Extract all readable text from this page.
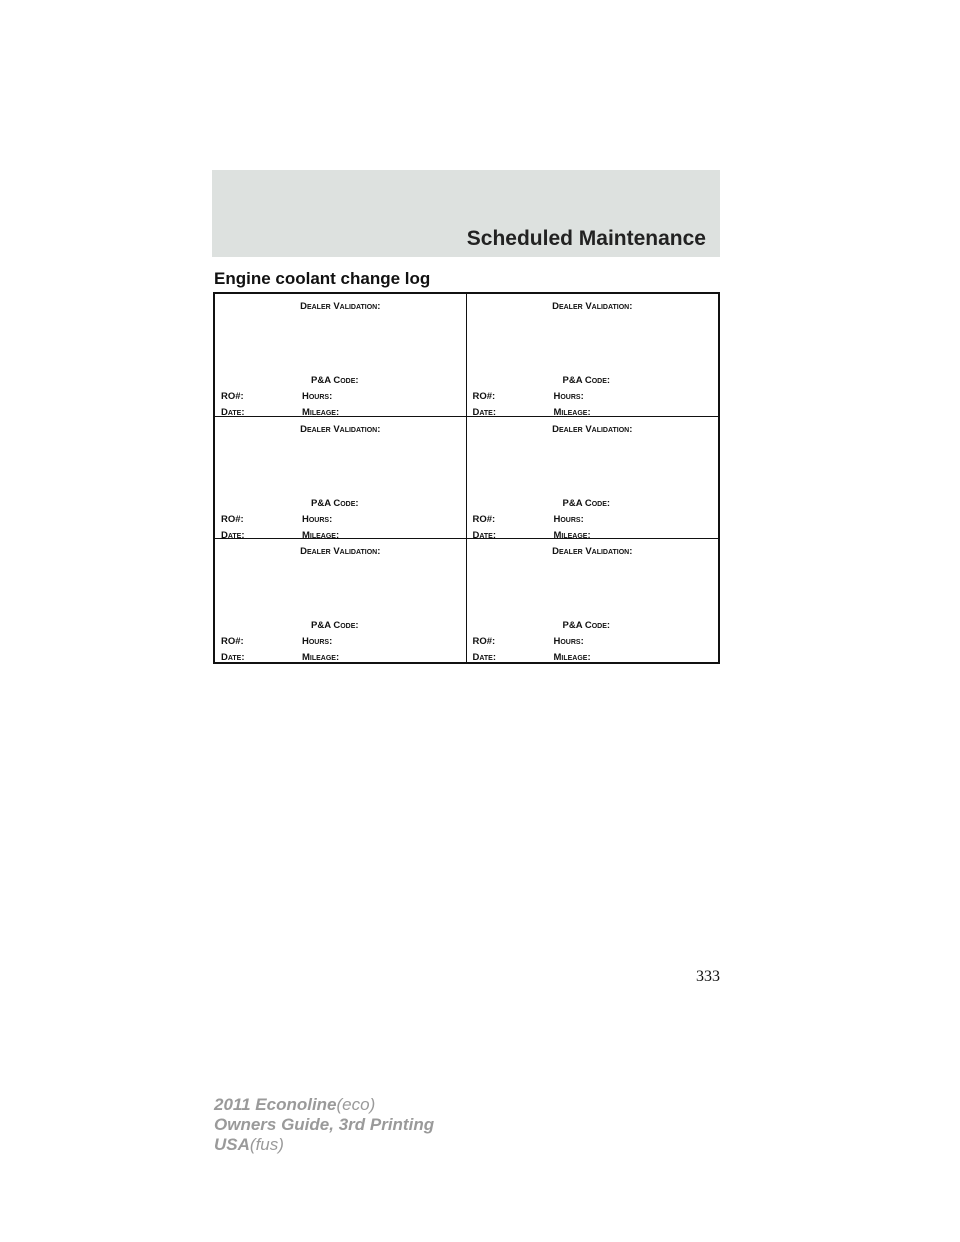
Scheduled Maintenance
Engine coolant change log
Dealer Validation:
P&A Code:
RO#:	Hours:
Date:	Mileage:
Dealer Validation:
P&A Code:
RO#:	Hours:
Date:	Mileage:
Dealer Validation:
P&A Code:
RO#:	Hours:
Date:	Mileage:
Dealer Validation:
P&A Code:
RO#:	Hours:
Date:	Mileage:
Dealer Validation:
P&A Code:
RO#:	Hours:
Date:	Mileage:
Dealer Validation:
P&A Code:
RO#:	Hours:
Date:	Mileage:
333
2011 Econoline(eco)
Owners Guide, 3rd Printing
USA(fus)
